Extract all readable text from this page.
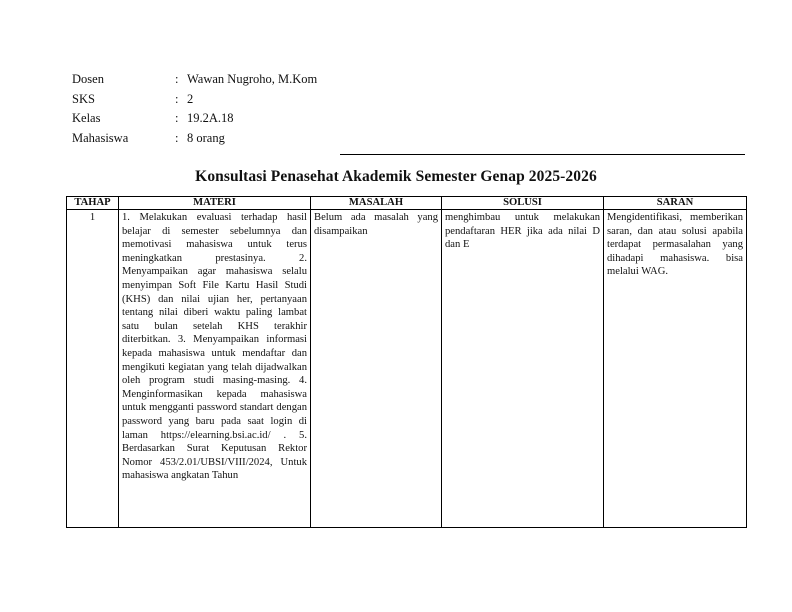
Dosen	: Wawan Nugroho, M.Kom
SKS	: 2
Kelas	: 19.2A.18
Mahasiswa	: 8 orang
Konsultasi Penasehat Akademik Semester Genap 2025-2026
TAHAP	MATERI	MASALAH	SOLUSI	SARAN
1	1. Melakukan evaluasi terhadap hasil belajar di semester sebelumnya dan memotivasi mahasiswa untuk terus meningkatkan prestasinya. 2. Menyampaikan agar mahasiswa selalu menyimpan Soft File Kartu Hasil Studi (KHS) dan nilai ujian her, pertanyaan tentang nilai diberi waktu paling lambat satu bulan setelah KHS terakhir diterbitkan. 3. Menyampaikan informasi kepada mahasiswa untuk mendaftar dan mengikuti kegiatan yang telah dijadwalkan oleh program studi masing-masing. 4. Menginformasikan kepada mahasiswa untuk mengganti password standart dengan password yang baru pada saat login di laman https://elearning.bsi.ac.id/ . 5. Berdasarkan Surat Keputusan Rektor Nomor 453/2.01/UBSI/VIII/2024, Untuk mahasiswa angkatan Tahun	Belum ada masalah yang disampaikan	menghimbau untuk melakukan pendaftaran HER jika ada nilai D dan E	Mengidentifikasi, memberikan saran, dan atau solusi apabila terdapat permasalahan yang dihadapi mahasiswa. bisa melalui WAG.
